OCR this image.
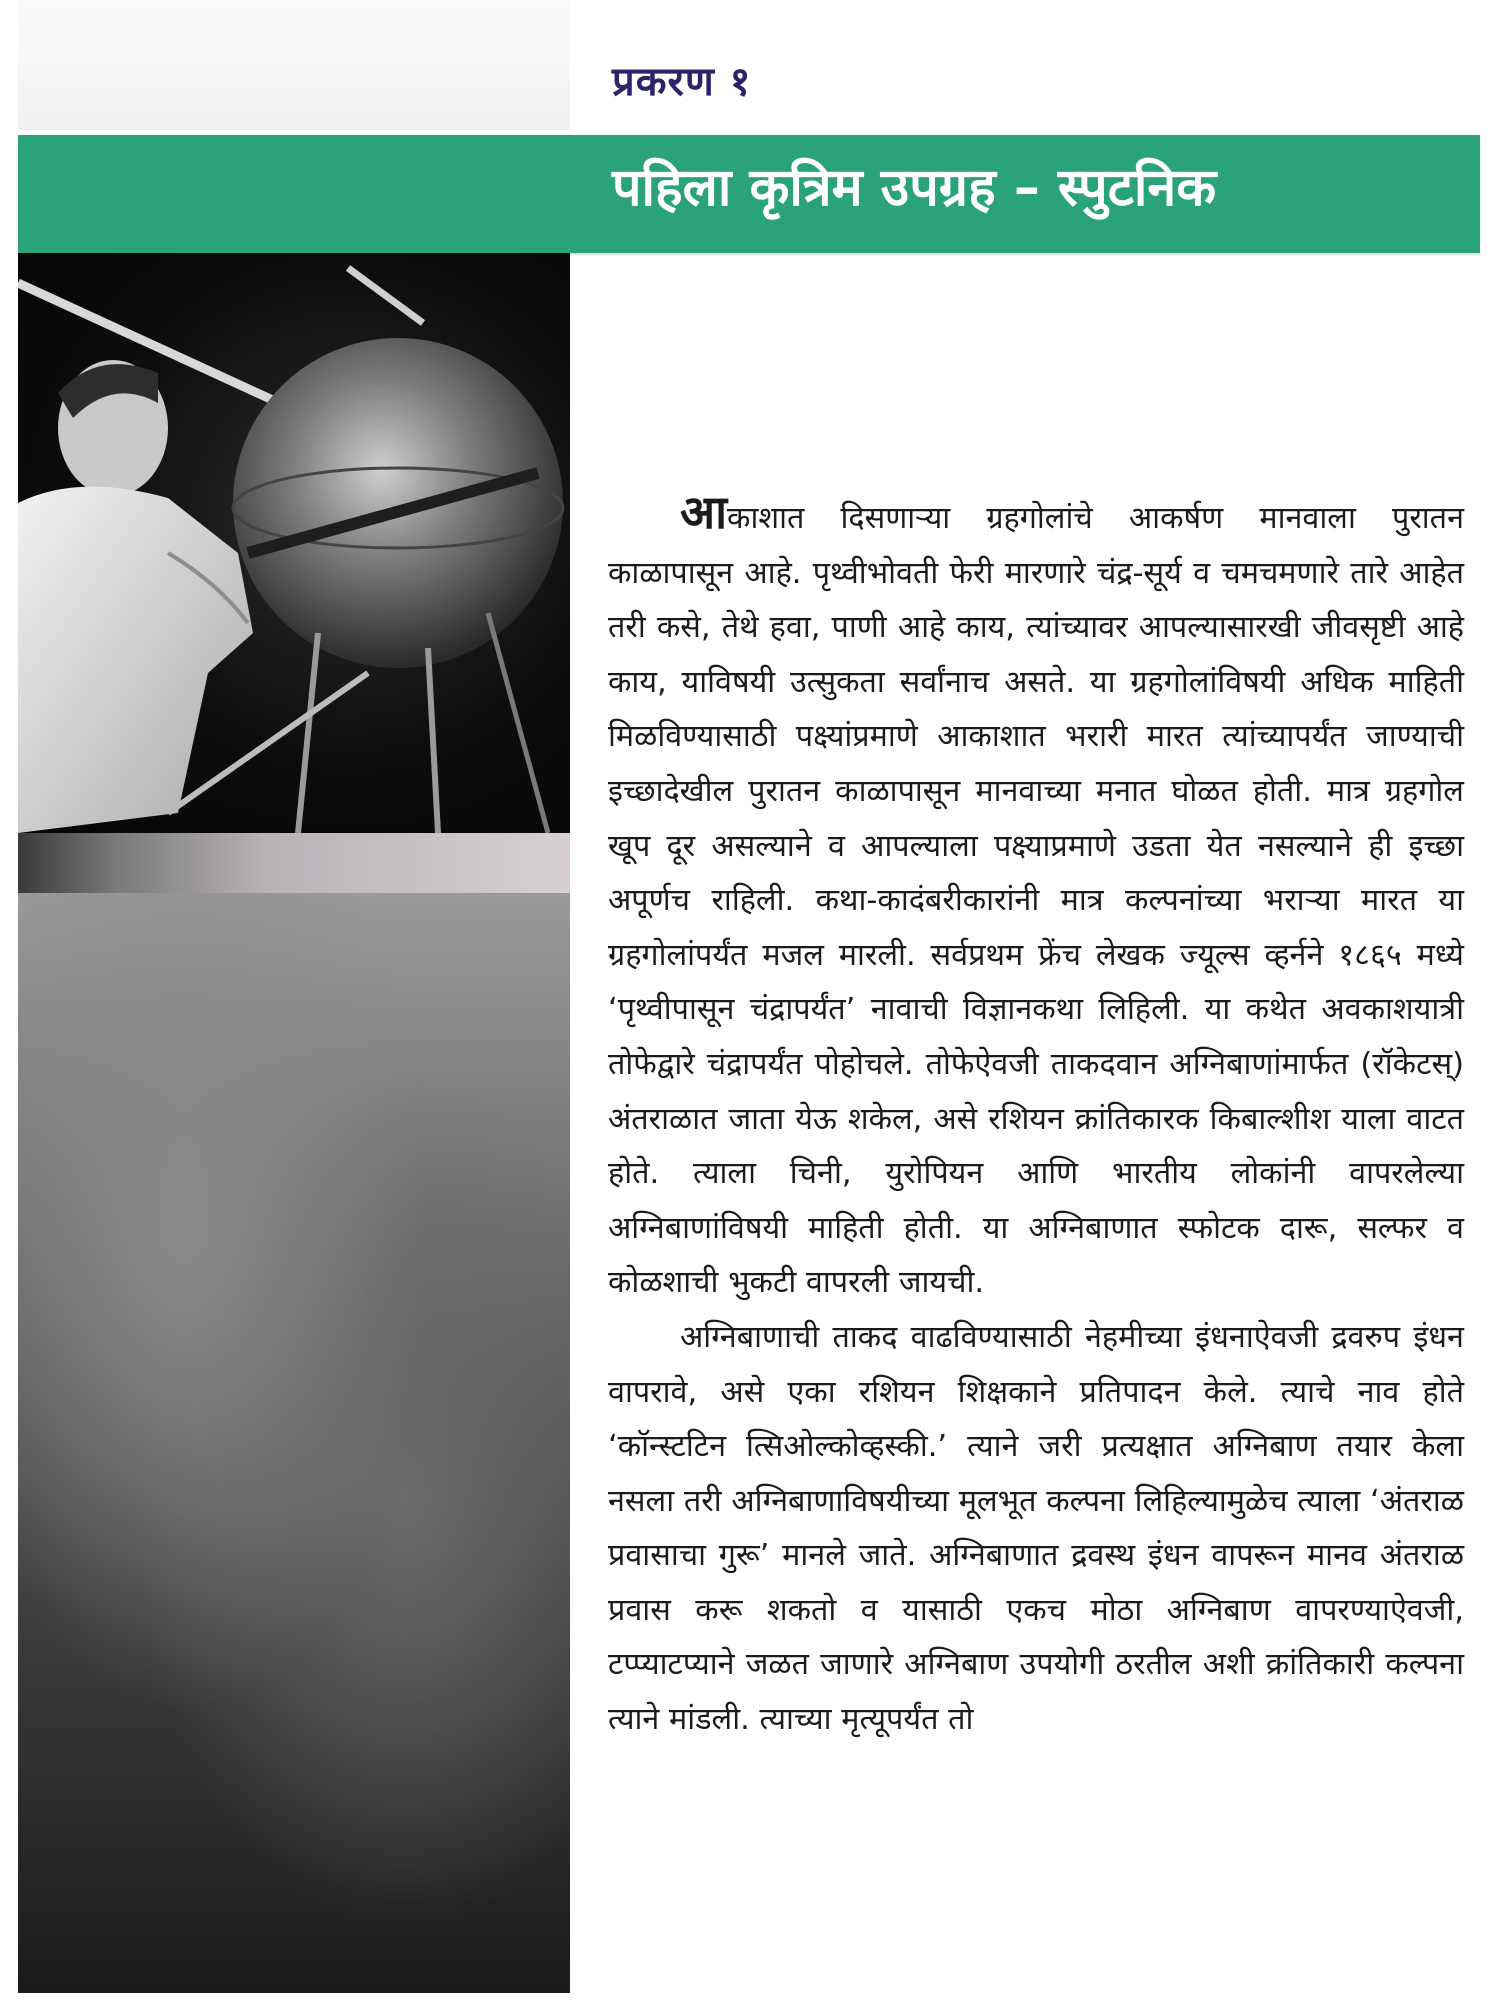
प्रकरण १
पहिला कृत्रिम उपग्रह – स्पुटनिक

आकाशात दिसणाऱ्या ग्रहगोलांचे आकर्षण मानवाला पुरातन काळापासून आहे. पृथ्वीभोवती फेरी मारणारे चंद्र-सूर्य व चमचमणारे तारे आहेत तरी कसे, तेथे हवा, पाणी आहे काय, त्यांच्यावर आपल्यासारखी जीवसृष्टी आहे काय, याविषयी उत्सुकता सर्वांनाच असते. या ग्रहगोलांविषयी अधिक माहिती मिळविण्यासाठी पक्ष्यांप्रमाणे आकाशात भरारी मारत त्यांच्यापर्यंत जाण्याची इच्छादेखील पुरातन काळापासून मानवाच्या मनात घोळत होती. मात्र ग्रहगोल खूप दूर असल्याने व आपल्याला पक्ष्याप्रमाणे उडता येत नसल्याने ही इच्छा अपूर्णच राहिली. कथा-कादंबरीकारांनी मात्र कल्पनांच्या भराऱ्या मारत या ग्रहगोलांपर्यंत मजल मारली. सर्वप्रथम फ्रेंच लेखक ज्यूल्स व्हर्नने १८६५ मध्ये ‘पृथ्वीपासून चंद्रापर्यंत’ नावाची विज्ञानकथा लिहिली. या कथेत अवकाशयात्री तोफेद्वारे चंद्रापर्यंत पोहोचले. तोफेऐवजी ताकदवान अग्निबाणांमार्फत (रॉकेटस्) अंतराळात जाता येऊ शकेल, असे रशियन क्रांतिकारक किबाल्शीश याला वाटत होते. त्याला चिनी, युरोपियन आणि भारतीय लोकांनी वापरलेल्या अग्निबाणांविषयी माहिती होती. या अग्निबाणात स्फोटक दारू, सल्फर व कोळशाची भुकटी वापरली जायची.

अग्निबाणाची ताकद वाढविण्यासाठी नेहमीच्या इंधनाऐवजी द्रवरुप इंधन वापरावे, असे एका रशियन शिक्षकाने प्रतिपादन केले. त्याचे नाव होते ‘कॉन्स्टटिन त्सिओल्कोव्हस्की.’ त्याने जरी प्रत्यक्षात अग्निबाण तयार केला नसला तरी अग्निबाणाविषयीच्या मूलभूत कल्पना लिहिल्यामुळेच त्याला ‘अंतराळ प्रवासाचा गुरू’ मानले जाते. अग्निबाणात द्रवस्थ इंधन वापरून मानव अंतराळ प्रवास करू शकतो व यासाठी एकच मोठा अग्निबाण वापरण्याऐवजी, टप्प्याटप्याने जळत जाणारे अग्निबाण उपयोगी ठरतील अशी क्रांतिकारी कल्पना त्याने मांडली. त्याच्या मृत्यूपर्यंत तो
